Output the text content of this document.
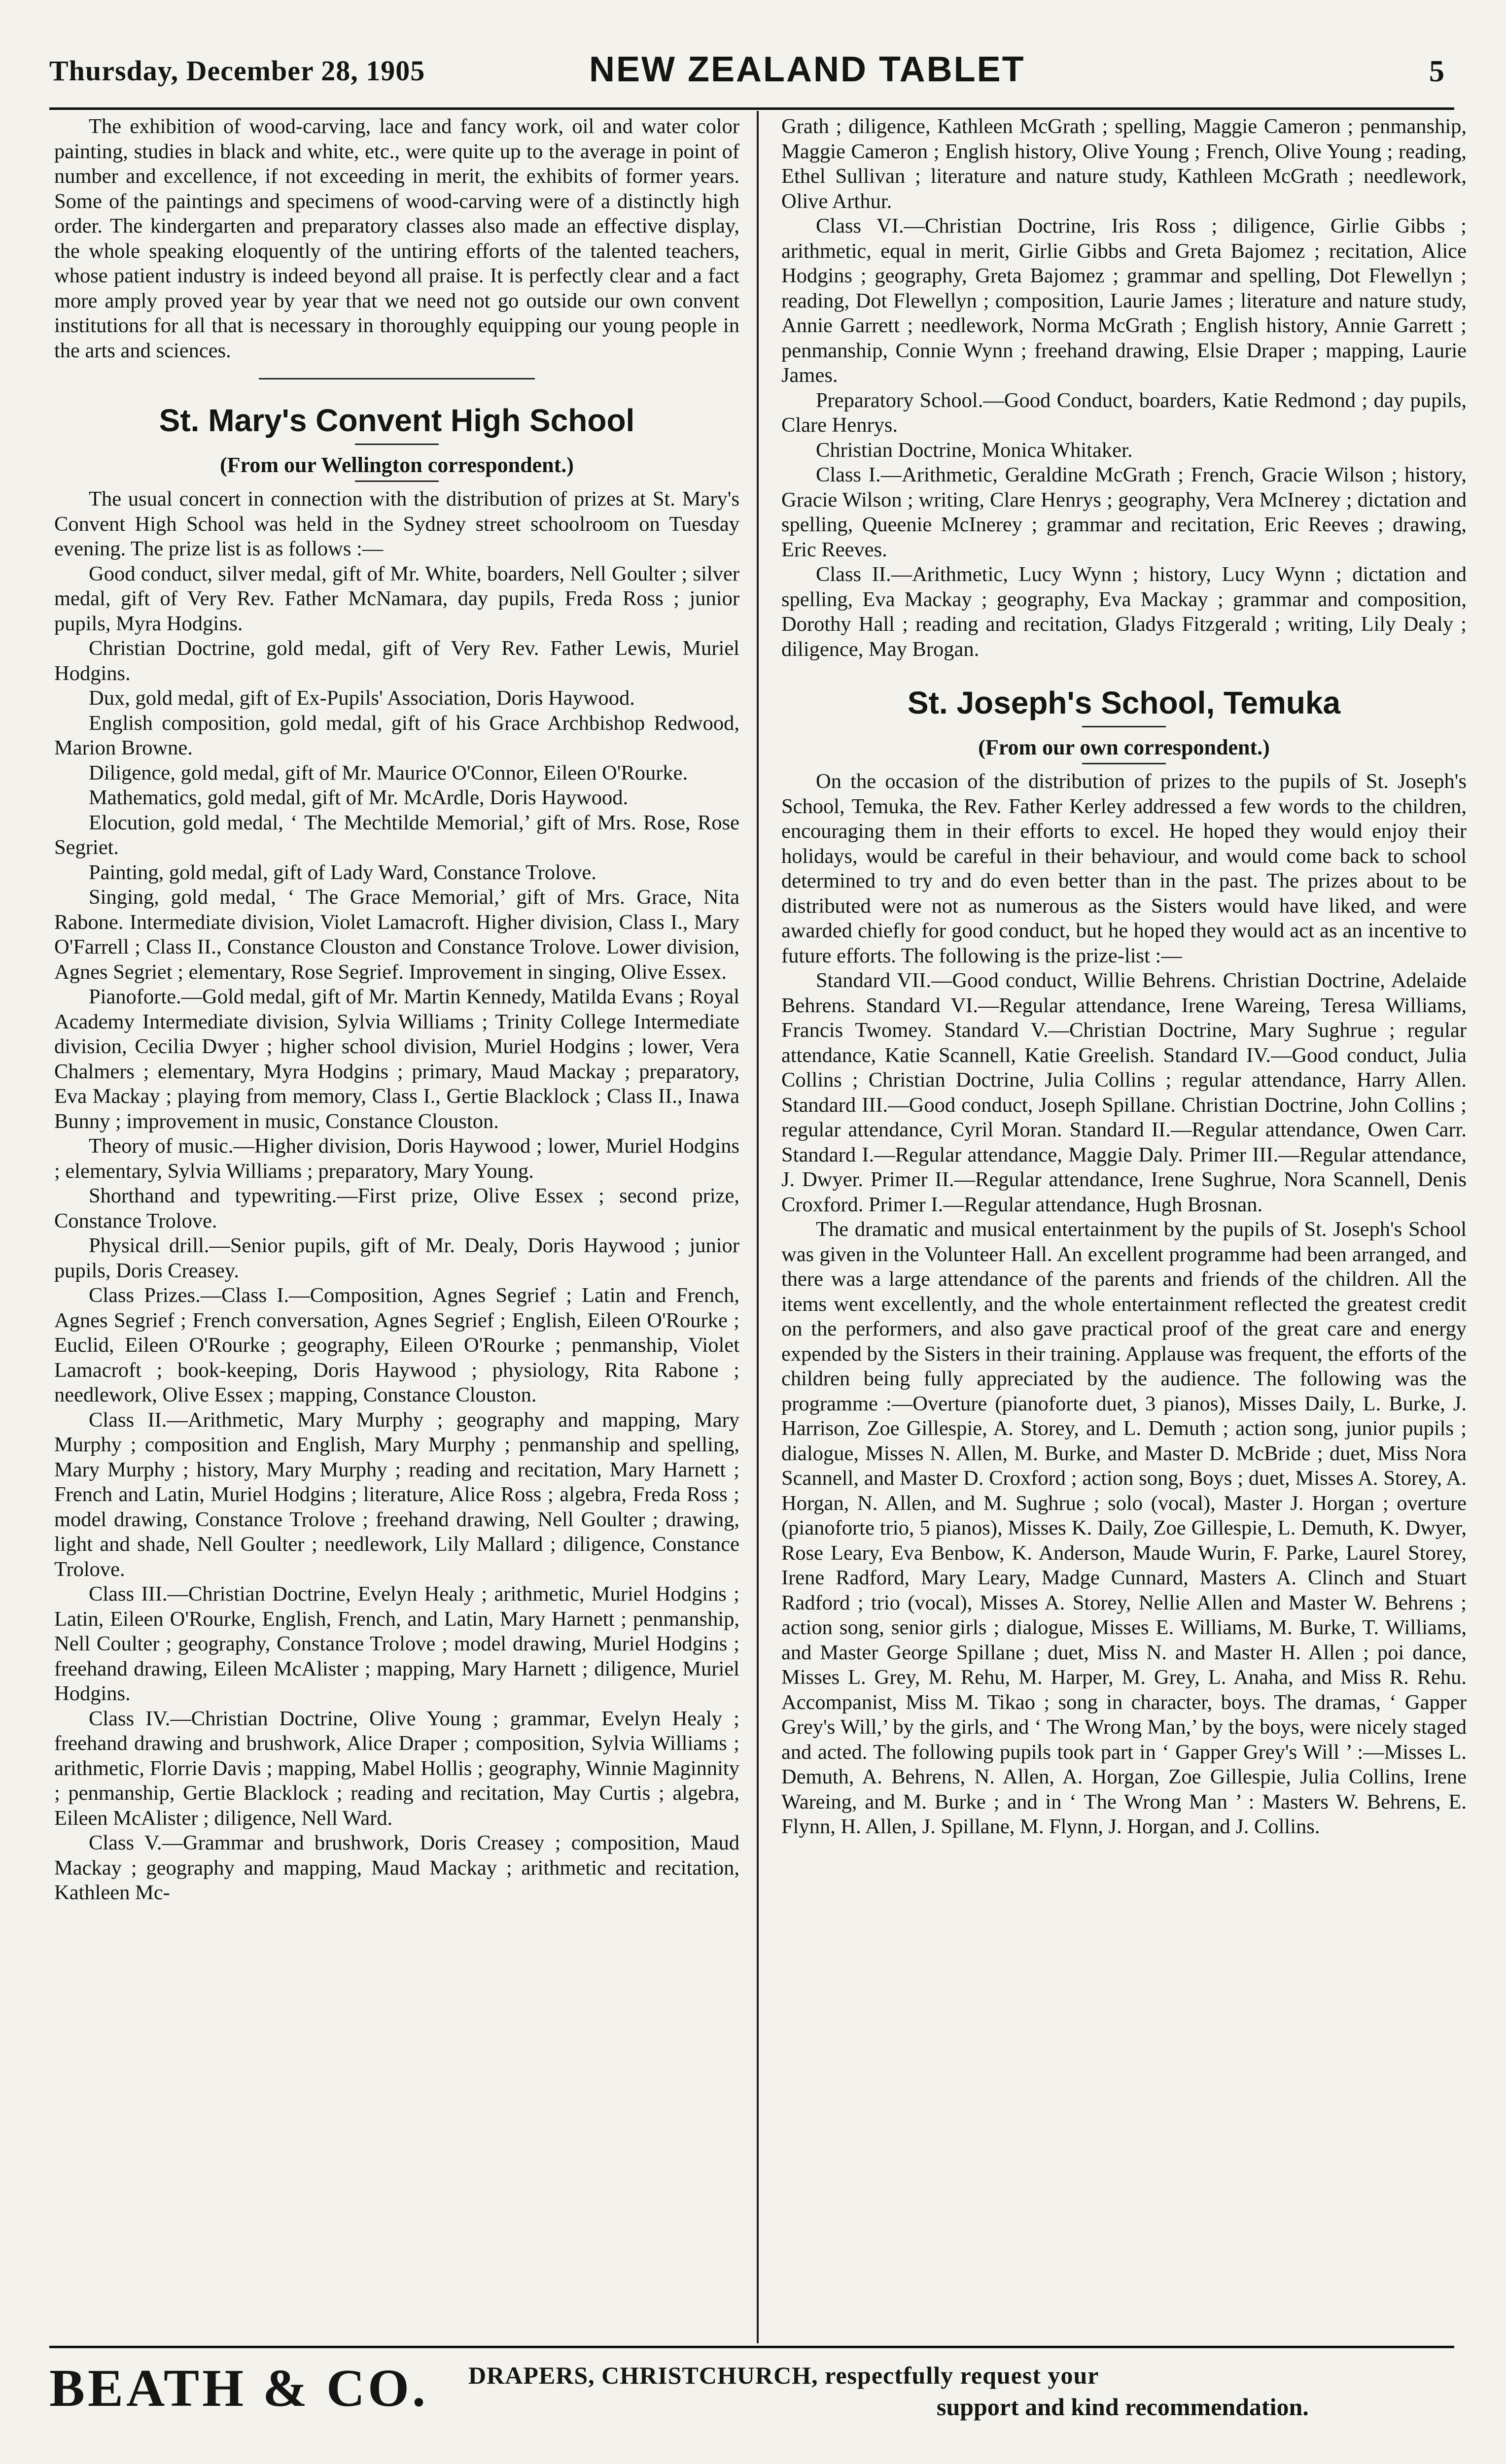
Thursday, December 28, 1905	NEW ZEALAND TABLET	5

The exhibition of wood-carving, lace and fancy work, oil and water color painting, studies in black and white, etc., were quite up to the average in point of number and excellence, if not exceeding in merit, the exhibits of former years. Some of the paintings and specimens of wood-carving were of a distinctly high order. The kindergarten and preparatory classes also made an effective display, the whole speaking eloquently of the untiring efforts of the talented teachers, whose patient industry is indeed beyond all praise. It is perfectly clear and a fact more amply proved year by year that we need not go outside our own convent institutions for all that is necessary in thoroughly equipping our young people in the arts and sciences.

St. Mary's Convent High School
(From our Wellington correspondent.)

The usual concert in connection with the distribution of prizes at St. Mary's Convent High School was held in the Sydney street schoolroom on Tuesday evening. The prize list is as follows :—

Good conduct, silver medal, gift of Mr. White, boarders, Nell Goulter ; silver medal, gift of Very Rev. Father McNamara, day pupils, Freda Ross ; junior pupils, Myra Hodgins.

Christian Doctrine, gold medal, gift of Very Rev. Father Lewis, Muriel Hodgins.

Dux, gold medal, gift of Ex-Pupils' Association, Doris Haywood.

English composition, gold medal, gift of his Grace Archbishop Redwood, Marion Browne.

Diligence, gold medal, gift of Mr. Maurice O'Connor, Eileen O'Rourke.

Mathematics, gold medal, gift of Mr. McArdle, Doris Haywood.

Elocution, gold medal, ‘ The Mechtilde Memorial,’ gift of Mrs. Rose, Rose Segriet.

Painting, gold medal, gift of Lady Ward, Constance Trolove.

Singing, gold medal, ‘ The Grace Memorial,’ gift of Mrs. Grace, Nita Rabone. Intermediate division, Violet Lamacroft. Higher division, Class I., Mary O'Farrell ; Class II., Constance Clouston and Constance Trolove. Lower division, Agnes Segriet ; elementary, Rose Segrief. Improvement in singing, Olive Essex.

Pianoforte.—Gold medal, gift of Mr. Martin Kennedy, Matilda Evans ; Royal Academy Intermediate division, Sylvia Williams ; Trinity College Intermediate division, Cecilia Dwyer ; higher school division, Muriel Hodgins ; lower, Vera Chalmers ; elementary, Myra Hodgins ; primary, Maud Mackay ; preparatory, Eva Mackay ; playing from memory, Class I., Gertie Blacklock ; Class II., Inawa Bunny ; improvement in music, Constance Clouston.

Theory of music.—Higher division, Doris Haywood ; lower, Muriel Hodgins ; elementary, Sylvia Williams ; preparatory, Mary Young.

Shorthand and typewriting.—First prize, Olive Essex ; second prize, Constance Trolove.

Physical drill.—Senior pupils, gift of Mr. Dealy, Doris Haywood ; junior pupils, Doris Creasey.

Class Prizes.—Class I.—Composition, Agnes Segrief ; Latin and French, Agnes Segrief ; French conversation, Agnes Segrief ; English, Eileen O'Rourke ; Euclid, Eileen O'Rourke ; geography, Eileen O'Rourke ; penmanship, Violet Lamacroft ; book-keeping, Doris Haywood ; physiology, Rita Rabone ; needlework, Olive Essex ; mapping, Constance Clouston.

Class II.—Arithmetic, Mary Murphy ; geography and mapping, Mary Murphy ; composition and English, Mary Murphy ; penmanship and spelling, Mary Murphy ; history, Mary Murphy ; reading and recitation, Mary Harnett ; French and Latin, Muriel Hodgins ; literature, Alice Ross ; algebra, Freda Ross ; model drawing, Constance Trolove ; freehand drawing, Nell Goulter ; drawing, light and shade, Nell Goulter ; needlework, Lily Mallard ; diligence, Constance Trolove.

Class III.—Christian Doctrine, Evelyn Healy ; arithmetic, Muriel Hodgins ; Latin, Eileen O'Rourke, English, French, and Latin, Mary Harnett ; penmanship, Nell Coulter ; geography, Constance Trolove ; model drawing, Muriel Hodgins ; freehand drawing, Eileen McAlister ; mapping, Mary Harnett ; diligence, Muriel Hodgins.

Class IV.—Christian Doctrine, Olive Young ; grammar, Evelyn Healy ; freehand drawing and brushwork, Alice Draper ; composition, Sylvia Williams ; arithmetic, Florrie Davis ; mapping, Mabel Hollis ; geography, Winnie Maginnity ; penmanship, Gertie Blacklock ; reading and recitation, May Curtis ; algebra, Eileen McAlister ; diligence, Nell Ward.

Class V.—Grammar and brushwork, Doris Creasey ; composition, Maud Mackay ; geography and mapping, Maud Mackay ; arithmetic and recitation, Kathleen Mc-

Grath ; diligence, Kathleen McGrath ; spelling, Maggie Cameron ; penmanship, Maggie Cameron ; English history, Olive Young ; French, Olive Young ; reading, Ethel Sullivan ; literature and nature study, Kathleen McGrath ; needlework, Olive Arthur.

Class VI.—Christian Doctrine, Iris Ross ; diligence, Girlie Gibbs ; arithmetic, equal in merit, Girlie Gibbs and Greta Bajomez ; recitation, Alice Hodgins ; geography, Greta Bajomez ; grammar and spelling, Dot Flewellyn ; reading, Dot Flewellyn ; composition, Laurie James ; literature and nature study, Annie Garrett ; needlework, Norma McGrath ; English history, Annie Garrett ; penmanship, Connie Wynn ; freehand drawing, Elsie Draper ; mapping, Laurie James.

Preparatory School.—Good Conduct, boarders, Katie Redmond ; day pupils, Clare Henrys.

Christian Doctrine, Monica Whitaker.

Class I.—Arithmetic, Geraldine McGrath ; French, Gracie Wilson ; history, Gracie Wilson ; writing, Clare Henrys ; geography, Vera McInerey ; dictation and spelling, Queenie McInerey ; grammar and recitation, Eric Reeves ; drawing, Eric Reeves.

Class II.—Arithmetic, Lucy Wynn ; history, Lucy Wynn ; dictation and spelling, Eva Mackay ; geography, Eva Mackay ; grammar and composition, Dorothy Hall ; reading and recitation, Gladys Fitzgerald ; writing, Lily Dealy ; diligence, May Brogan.

St. Joseph's School, Temuka
(From our own correspondent.)

On the occasion of the distribution of prizes to the pupils of St. Joseph's School, Temuka, the Rev. Father Kerley addressed a few words to the children, encouraging them in their efforts to excel. He hoped they would enjoy their holidays, would be careful in their behaviour, and would come back to school determined to try and do even better than in the past. The prizes about to be distributed were not as numerous as the Sisters would have liked, and were awarded chiefly for good conduct, but he hoped they would act as an incentive to future efforts. The following is the prize-list :—

Standard VII.—Good conduct, Willie Behrens. Christian Doctrine, Adelaide Behrens. Standard VI.—Regular attendance, Irene Wareing, Teresa Williams, Francis Twomey. Standard V.—Christian Doctrine, Mary Sughrue ; regular attendance, Katie Scannell, Katie Greelish. Standard IV.—Good conduct, Julia Collins ; Christian Doctrine, Julia Collins ; regular attendance, Harry Allen. Standard III.—Good conduct, Joseph Spillane. Christian Doctrine, John Collins ; regular attendance, Cyril Moran. Standard II.—Regular attendance, Owen Carr. Standard I.—Regular attendance, Maggie Daly. Primer III.—Regular attendance, J. Dwyer. Primer II.—Regular attendance, Irene Sughrue, Nora Scannell, Denis Croxford. Primer I.—Regular attendance, Hugh Brosnan.

The dramatic and musical entertainment by the pupils of St. Joseph's School was given in the Volunteer Hall. An excellent programme had been arranged, and there was a large attendance of the parents and friends of the children. All the items went excellently, and the whole entertainment reflected the greatest credit on the performers, and also gave practical proof of the great care and energy expended by the Sisters in their training. Applause was frequent, the efforts of the children being fully appreciated by the audience. The following was the programme :—Overture (pianoforte duet, 3 pianos), Misses Daily, L. Burke, J. Harrison, Zoe Gillespie, A. Storey, and L. Demuth ; action song, junior pupils ; dialogue, Misses N. Allen, M. Burke, and Master D. McBride ; duet, Miss Nora Scannell, and Master D. Croxford ; action song, Boys ; duet, Misses A. Storey, A. Horgan, N. Allen, and M. Sughrue ; solo (vocal), Master J. Horgan ; overture (pianoforte trio, 5 pianos), Misses K. Daily, Zoe Gillespie, L. Demuth, K. Dwyer, Rose Leary, Eva Benbow, K. Anderson, Maude Wurin, F. Parke, Laurel Storey, Irene Radford, Mary Leary, Madge Cunnard, Masters A. Clinch and Stuart Radford ; trio (vocal), Misses A. Storey, Nellie Allen and Master W. Behrens ; action song, senior girls ; dialogue, Misses E. Williams, M. Burke, T. Williams, and Master George Spillane ; duet, Miss N. and Master H. Allen ; poi dance, Misses L. Grey, M. Rehu, M. Harper, M. Grey, L. Anaha, and Miss R. Rehu. Accompanist, Miss M. Tikao ; song in character, boys. The dramas, ‘ Gapper Grey's Will,’ by the girls, and ‘ The Wrong Man,’ by the boys, were nicely staged and acted. The following pupils took part in ‘ Gapper Grey's Will ’ :—Misses L. Demuth, A. Behrens, N. Allen, A. Horgan, Zoe Gillespie, Julia Collins, Irene Wareing, and M. Burke ; and in ‘ The Wrong Man ’ : Masters W. Behrens, E. Flynn, H. Allen, J. Spillane, M. Flynn, J. Horgan, and J. Collins.

BEATH & CO. DRAPERS, CHRISTCHURCH, respectfully request your
support and kind recommendation.
